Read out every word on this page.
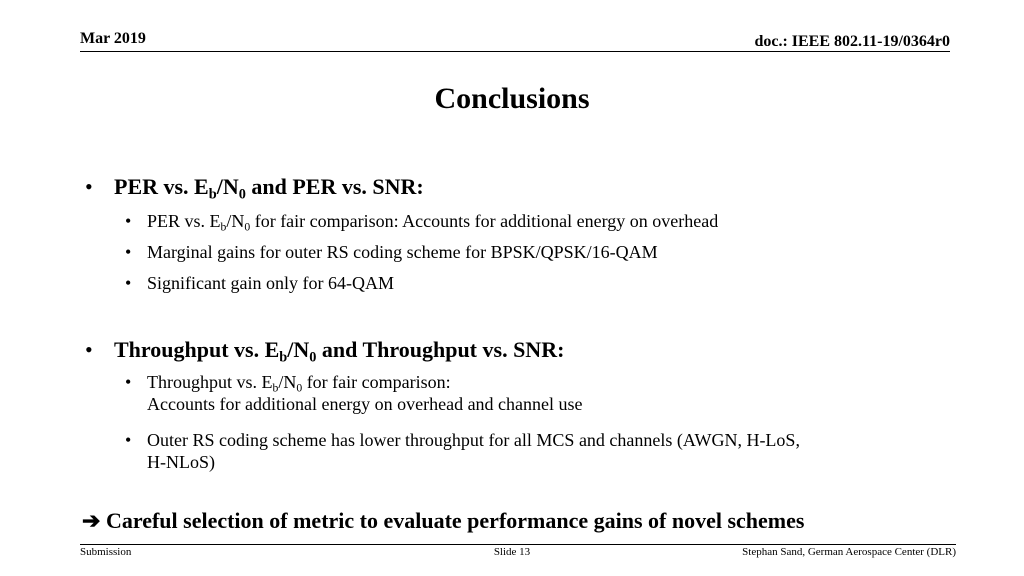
Mar 2019	doc.: IEEE 802.11-19/0364r0
Conclusions
• PER vs. $E_b/N_0$ and PER vs. SNR:
• PER vs. $E_b/N_0$ for fair comparison: Accounts for additional energy on overhead
• Marginal gains for outer RS coding scheme for BPSK/QPSK/16-QAM
• Significant gain only for 64-QAM
• Throughput vs. $E_b/N_0$ and Throughput vs. SNR:
• Throughput vs. $E_b/N_0$ for fair comparison:
Accounts for additional energy on overhead and channel use
• Outer RS coding scheme has lower throughput for all MCS and channels (AWGN, H-LoS,
H-NLoS)
➔ Careful selection of metric to evaluate performance gains of novel schemes
Submission	Slide 13	Stephan Sand, German Aerospace Center (DLR)
